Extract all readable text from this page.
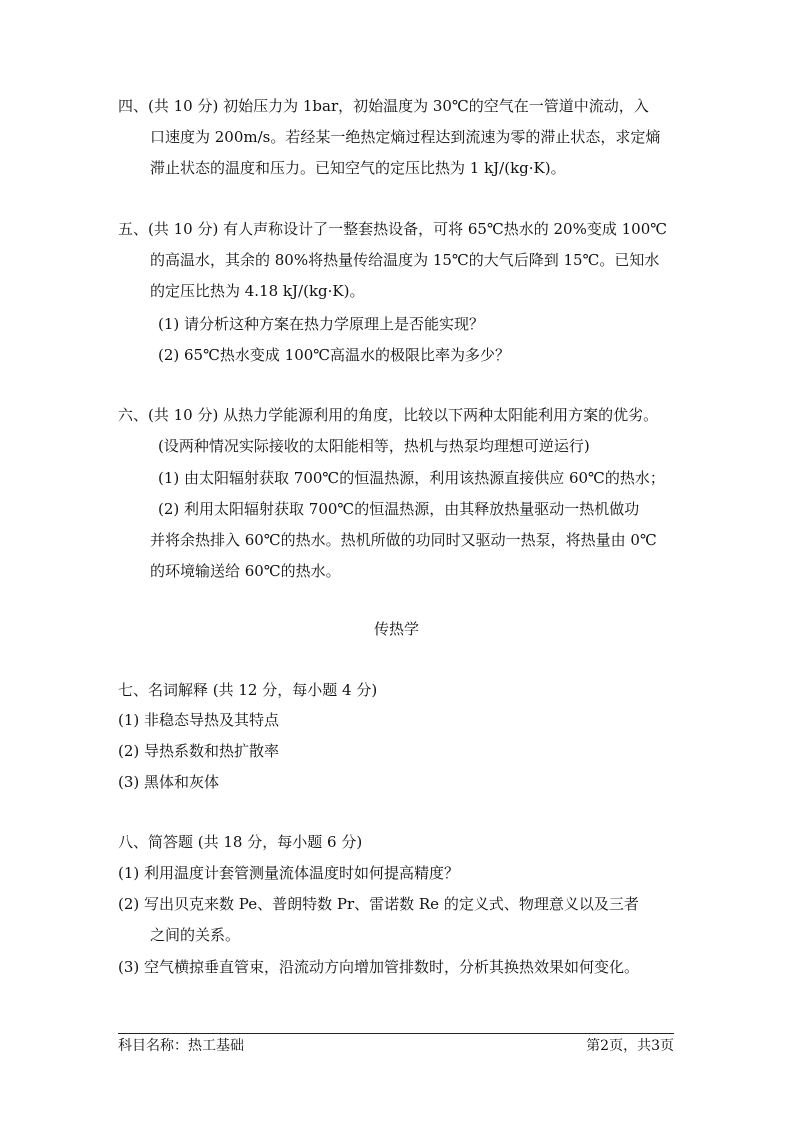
四、(共 10 分) 初始压力为 1bar，初始温度为 30℃的空气在一管道中流动，入
口速度为 200m/s。若经某一绝热定熵过程达到流速为零的滞止状态，求定熵
滞止状态的温度和压力。已知空气的定压比热为 1 kJ/(kg·K)。
五、(共 10 分) 有人声称设计了一整套热设备，可将 65℃热水的 20%变成 100℃
的高温水，其余的 80%将热量传给温度为 15℃的大气后降到 15℃。已知水
的定压比热为 4.18 kJ/(kg·K)。
(1) 请分析这种方案在热力学原理上是否能实现？
(2) 65℃热水变成 100℃高温水的极限比率为多少？
六、(共 10 分) 从热力学能源利用的角度，比较以下两种太阳能利用方案的优劣。
(设两种情况实际接收的太阳能相等，热机与热泵均理想可逆运行)
(1) 由太阳辐射获取 700℃的恒温热源，利用该热源直接供应 60℃的热水；
(2) 利用太阳辐射获取 700℃的恒温热源，由其释放热量驱动一热机做功
并将余热排入 60℃的热水。热机所做的功同时又驱动一热泵，将热量由 0℃
的环境输送给 60℃的热水。
传热学
七、名词解释 (共 12 分，每小题 4 分)
(1) 非稳态导热及其特点
(2) 导热系数和热扩散率
(3) 黑体和灰体
八、简答题 (共 18 分，每小题 6 分)
(1) 利用温度计套管测量流体温度时如何提高精度？
(2) 写出贝克来数 Pe、普朗特数 Pr、雷诺数 Re 的定义式、物理意义以及三者
之间的关系。
(3) 空气横掠垂直管束，沿流动方向增加管排数时，分析其换热效果如何变化。
科目名称：热工基础	第2页，共3页
